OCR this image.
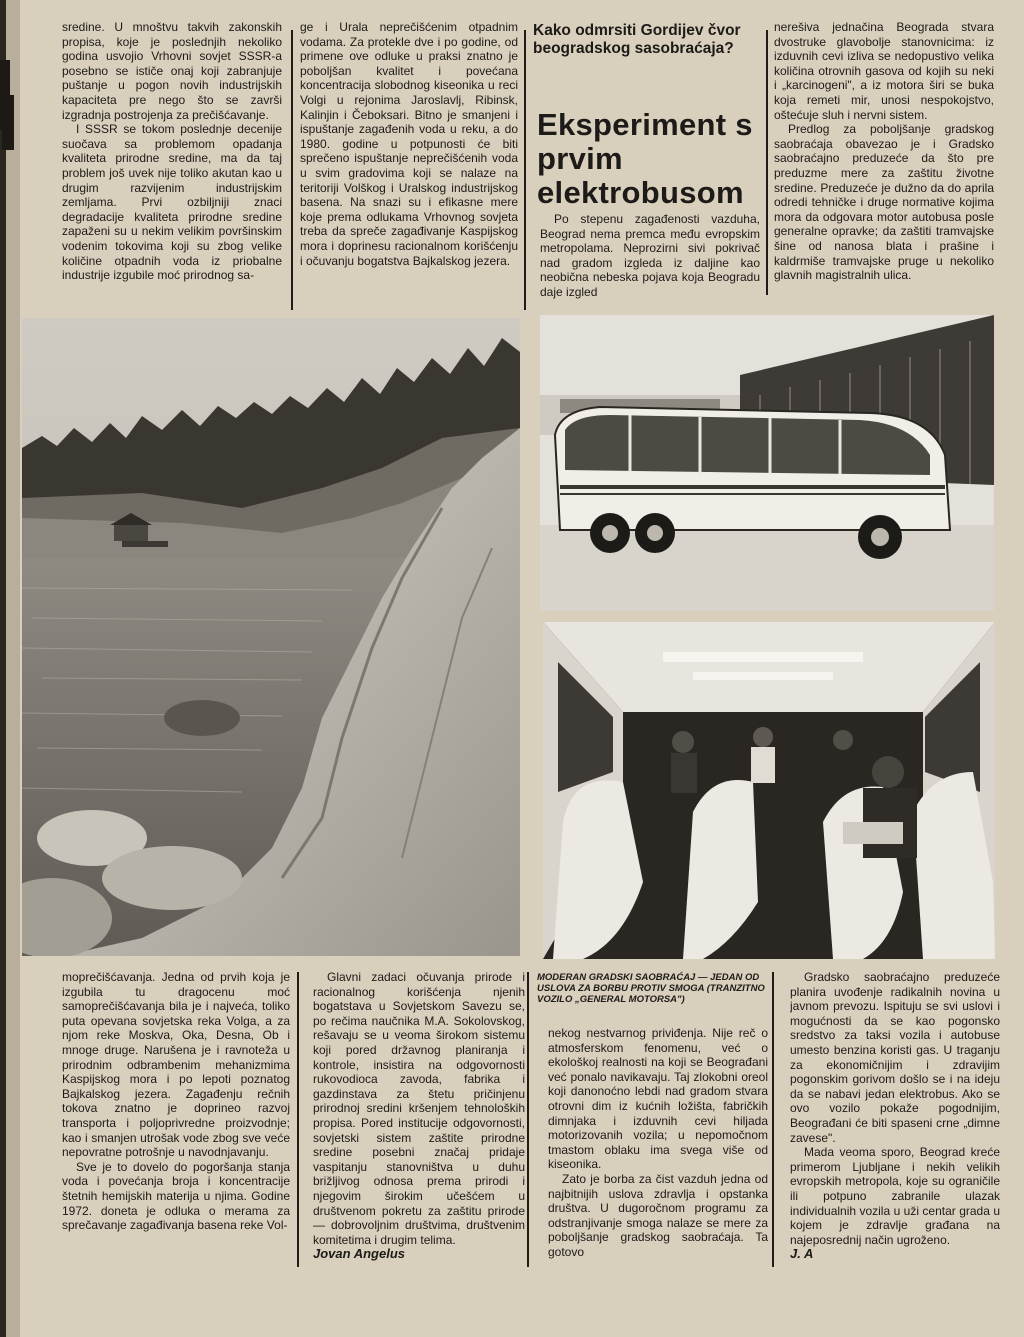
sredine. U mnoštvu takvih zakonskih propisa, koje je poslednjih nekoliko godina usvojio Vrhovni sovjet SSSR-a posebno se ističe onaj koji zabranjuje puštanje u pogon novih industrijskih kapaciteta pre nego što se završi izgradnja postrojenja za prečišćavanje.

I SSSR se tokom poslednje decenije suočava sa problemom opadanja kvaliteta prirodne sredine, ma da taj problem još uvek nije toliko akutan kao u drugim razvijenim industrijskim zemljama. Prvi ozbiljniji znaci degradacije kvaliteta prirodne sredine zapaženi su u nekim velikim površinskim vodenim tokovima koji su zbog velike količine otpadnih voda iz priobalne industrije izgubile moć prirodnog sa-

ge i Urala neprečišćenim otpadnim vodama. Za protekle dve i po godine, od primene ove odluke u praksi znatno je poboljšan kvalitet i povećana koncentracija slobodnog kiseonika u reci Volgi u rejonima Jaroslavlj, Ribinsk, Kalinjin i Čeboksari. Bitno je smanjeni i ispuštanje zagađenih voda u reku, a do 1980. godine u potpunosti će biti sprečeno ispuštanje neprečišćenih voda u svim gradovima koji se nalaze na teritoriji Volškog i Uralskog industrijskog basena. Na snazi su i efikasne mere koje prema odlukama Vrhovnog sovjeta treba da spreče zagađivanje Kaspijskog mora i doprinesu racionalnom korišćenju i očuvanju bogatstva Bajkalskog jezera.

Kako odmrsiti Gordijev čvor beogradskog sasobraćaja?
Eksperiment s prvim elektrobusom

Po stepenu zagađenosti vazduha, Beograd nema premca među evropskim metropolama. Neprozirni sivi pokrivač nad gradom izgleda iz daljine kao neobična nebeska pojava koja Beogradu daje izgled

nerešiva jednačina Beograda stvara dvostruke glavobolje stanovnicima: iz izduvnih cevi izliva se nedopustivo velika količina otrovnih gasova od kojih su neki i „karcinogeni", a iz motora širi se buka koja remeti mir, unosi nespokojstvo, oštećuje sluh i nervni sistem.

Predlog za poboljšanje gradskog saobraćaja obavezao je i Gradsko saobraćajno preduzeće da što pre preduzme mere za zaštitu životne sredine. Preduzeće je dužno da do aprila odredi tehničke i druge normative kojima mora da odgovara motor autobusa posle generalne opravke; da zaštiti tramvajske šine od nanosa blata i prašine i kaldrmiše tramvajske pruge u nekoliko glavnih magistralnih ulica.

moprečišćavanja. Jedna od prvih koja je izgubila tu dragocenu moć samoprečišćavanja bila je i najveća, toliko puta opevana sovjetska reka Volga, a za njom reke Moskva, Oka, Desna, Ob i mnoge druge. Narušena je i ravnoteža u prirodnim odbrambenim mehanizmima Kaspijskog mora i po lepoti poznatog Bajkalskog jezera. Zagađenju rečnih tokova znatno je doprineo razvoj transporta i poljoprivredne proizvodnje; kao i smanjen utrošak vode zbog sve veće nepovratne potrošnje u navodnjavanju.

Sve je to dovelo do pogoršanja stanja voda i povećanja broja i koncentracije štetnih hemijskih materija u njima. Godine 1972. doneta je odluka o merama za sprečavanje zagađivanja basena reke Vol-

Glavni zadaci očuvanja prirode i racionalnog korišćenja njenih bogatstava u Sovjetskom Savezu se, po rečima naučnika M.A. Sokolovskog, rešavaju se u veoma širokom sistemu koji pored državnog planiranja i kontrole, insistira na odgovornosti rukovodioca zavoda, fabrika i gazdinstava za štetu pričinjenu prirodnoj sredini kršenjem tehnoloških propisa. Pored institucije odgovornosti, sovjetski sistem zaštite prirodne sredine posebni značaj pridaje vaspitanju stanovništva u duhu brižljivog odnosa prema prirodi i njegovim širokim učešćem u društvenom pokretu za zaštitu prirode — dobrovoljnim društvima, društvenim komitetima i drugim telima.

Jovan Angelus

MODERAN GRADSKI SAOBRAĆAJ — JEDAN OD USLOVA ZA BORBU PROTIV SMOGA (TRANZITNO VOZILO „GENERAL MOTORSA")

nekog nestvarnog priviđenja. Nije reč o atmosferskom fenomenu, već o ekološkoj realnosti na koji se Beograđani već ponalo navikavaju. Taj zlokobni oreol koji danonoćno lebdi nad gradom stvara otrovni dim iz kućnih ložišta, fabričkih dimnjaka i izduvnih cevi hiljada motorizovanih vozila; u nepomočnom tmastom oblaku ima svega više od kiseonika.

Zato je borba za čist vazduh jedna od najbitnijih uslova zdravlja i opstanka društva. U dugoročnom programu za odstranjivanje smoga nalaze se mere za poboljšanje gradskog saobraćaja. Ta gotovo

Gradsko saobraćajno preduzeće planira uvođenje radikalnih novina u javnom prevozu. Ispituju se svi uslovi i mogućnosti da se kao pogonsko sredstvo za taksi vozila i autobuse umesto benzina koristi gas. U traganju za ekonomičnijim i zdravijim pogonskim gorivom došlo se i na ideju da se nabavi jedan elektrobus. Ako se ovo vozilo pokaže pogodnijim, Beograđani će biti spaseni crne „dimne zavese".

Mada veoma sporo, Beograd kreće primerom Ljubljane i nekih velikih evropskih metropola, koje su ograničile ili potpuno zabranile ulazak individualnih vozila u uži centar grada u kojem je zdravlje građana na najeposrednij način ugroženo.

J. A
